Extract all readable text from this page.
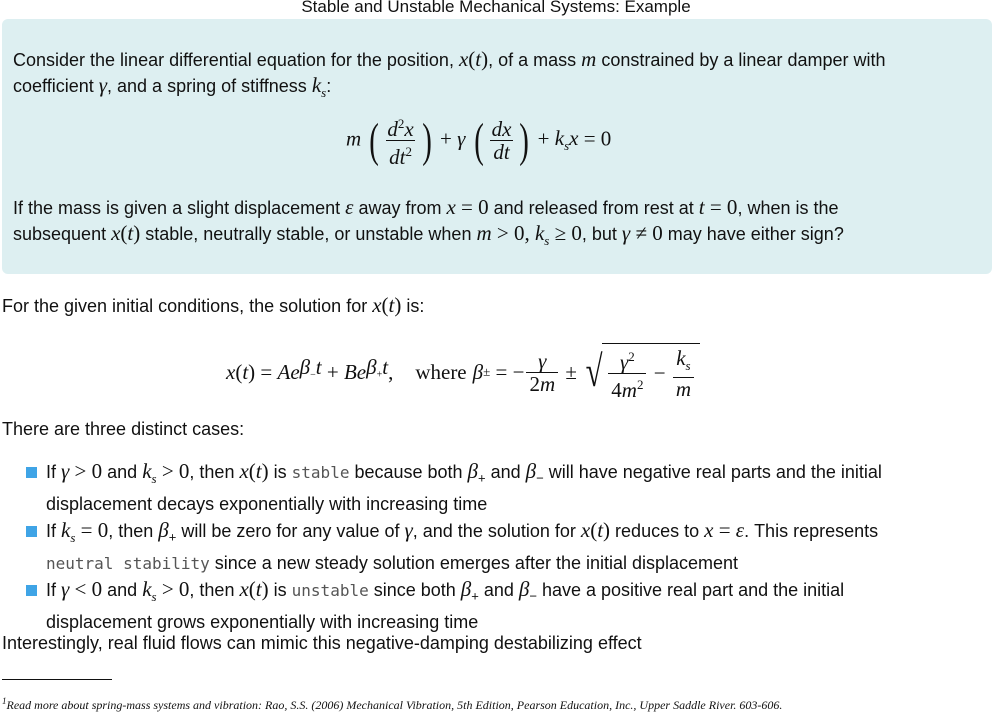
Stable and Unstable Mechanical Systems: Example
Consider the linear differential equation for the position, x(t), of a mass m constrained by a linear damper with
coefficient γ, and a spring of stiffness $k_s$:
m ( $\frac{d^2x}{dt^2}$ ) + γ ( $\frac{dx}{dt}$ ) + $k_sx = 0$
If the mass is given a slight displacement ε away from x = 0 and released from rest at t = 0, when is the
subsequent x(t) stable, neutrally stable, or unstable when m > 0, $k_s \ge 0$, but γ ≠ 0 may have either sign?
For the given initial conditions, the solution for x(t) is:
x ( t ) = Ae $^{\beta_-t}$ + Be $^{\beta_+t}$ , where β ± = − $\frac{\gamma}{2m}$ ± √ $\frac{\gamma^2}{4m^2} - \frac{k_s}{m}$
There are three distinct cases:
If γ > 0 and $k_s > 0$, then x(t) is stable because both $\beta_+$ and $\beta_-$ will have negative real parts and the initial
displacement decays exponentially with increasing time
If $k_s = 0$, then $\beta_+$ will be zero for any value of γ, and the solution for x(t) reduces to x = ε. This represents
neutral stability since a new steady solution emerges after the initial displacement
If γ < 0 and $k_s > 0$, then x(t) is unstable since both $\beta_+$ and $\beta_-$ have a positive real part and the initial
displacement grows exponentially with increasing time
Interestingly, real fluid flows can mimic this negative-damping destabilizing effect
$^1$Read more about spring-mass systems and vibration: Rao, S.S. (2006) Mechanical Vibration, 5th Edition, Pearson Education, Inc., Upper Saddle River. 603-606.
